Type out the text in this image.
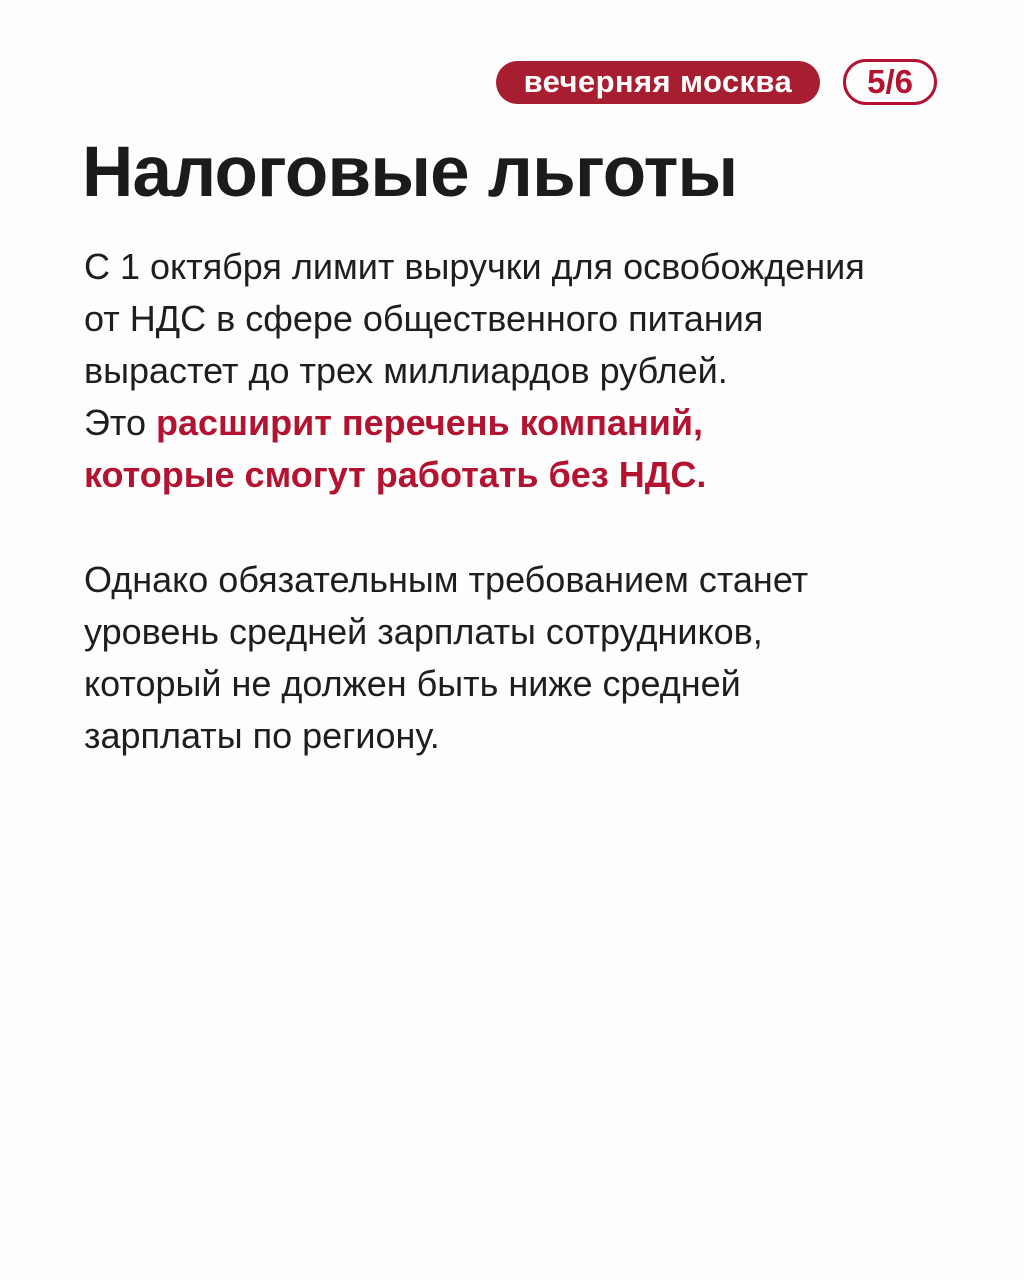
вечерняя москва 5/6
Налоговые льготы
С 1 октября лимит выручки для освобождения
от НДС в сфере общественного питания
вырастет до трех миллиардов рублей.
Это расширит перечень компаний,
которые смогут работать без НДС.
Однако обязательным требованием станет
уровень средней зарплаты сотрудников,
который не должен быть ниже средней
зарплаты по региону.
